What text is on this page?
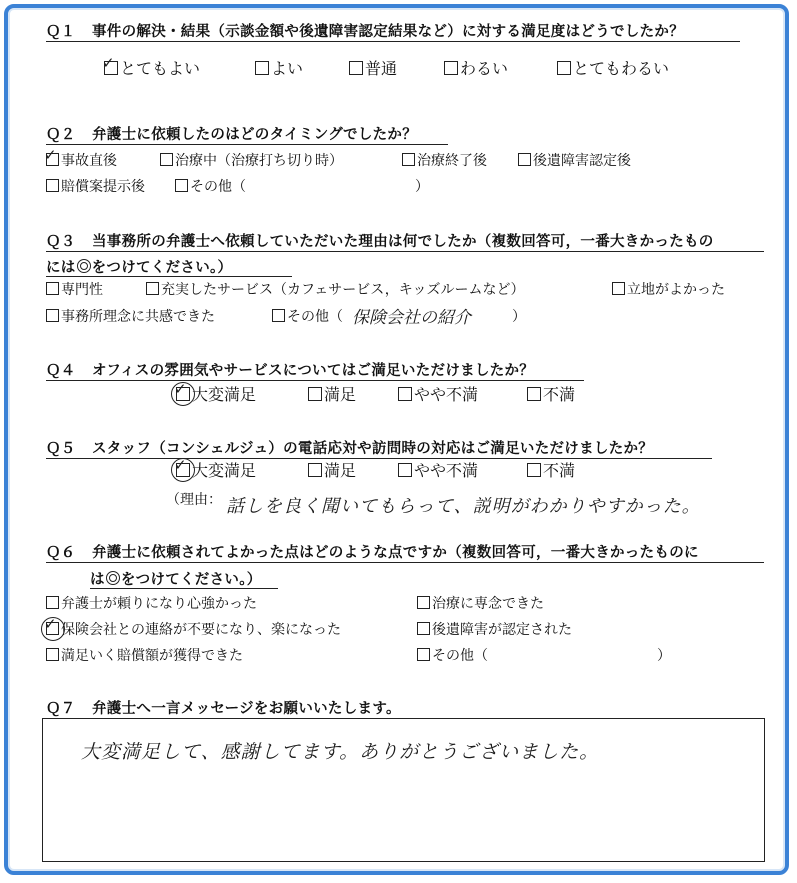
Ｑ１ 事件の解決・結果（示談金額や後遺障害認定結果など）に対する満足度はどうでしたか？
✓ とてもよい	よい	普通	わるい	とてもわるい
Ｑ２ 弁護士に依頼したのはどのタイミングでしたか？
✓ 事故直後	治療中（治療打ち切り時）	治療終了後	後遺障害認定後
賠償案提示後	その他（	）
Ｑ３ 当事務所の弁護士へ依頼していただいた理由は何でしたか（複数回答可，一番大きかったもの
には をつけてください。）
専門性	充実したサービス（カフェサービス，キッズルームなど）	立地がよかった
事務所理念に共感できた	その他（ 保険会社の紹介	）
Ｑ４ オフィスの雰囲気やサービスについてはご満足いただけましたか？
✓ 大変満足	満足	やや不満	不満
Ｑ５ スタッフ（コンシェルジュ）の電話応対や訪問時の対応はご満足いただけましたか？
✓ 大変満足	満足	やや不満	不満
（理由： 話しを良く聞いてもらって、説明がわかりやすかった。
Ｑ６ 弁護士に依頼されてよかった点はどのような点ですか（複数回答可，一番大きかったものに
は をつけてください。）
弁護士が頼りになり心強かった	治療に専念できた
✓ 保険会社との連絡が不要になり、楽になった	後遺障害が認定された
満足いく賠償額が獲得できた	その他（	）
Ｑ７ 弁護士へ一言メッセージをお願いいたします。
大変満足して、感謝してます。ありがとうございました。
